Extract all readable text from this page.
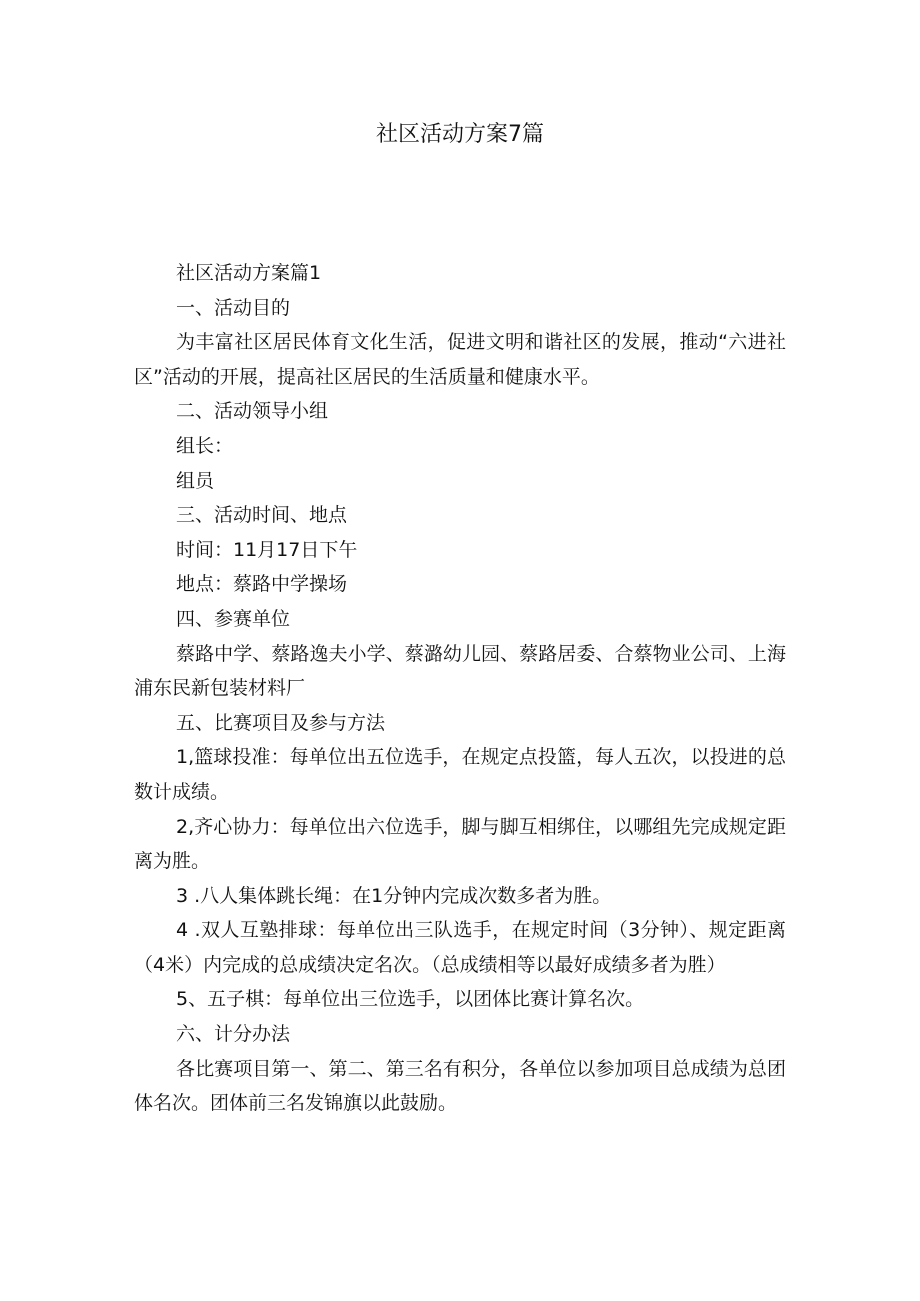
社区活动方案7篇

社区活动方案篇1

一、活动目的

为丰富社区居民体育文化生活，促进文明和谐社区的发展，推动“六进社区”活动的开展，提高社区居民的生活质量和健康水平。

二、活动领导小组

组长：

组员

三、活动时间、地点

时间：11月17日下午

地点：蔡路中学操场

四、参赛单位

蔡路中学、蔡路逸夫小学、蔡潞幼儿园、蔡路居委、合蔡物业公司、上海浦东民新包装材料厂

五、比赛项目及参与方法

1,篮球投准：每单位出五位选手，在规定点投篮，每人五次，以投进的总数计成绩。

2,齐心协力：每单位出六位选手，脚与脚互相绑住，以哪组先完成规定距离为胜。

3 .八人集体跳长绳：在1分钟内完成次数多者为胜。

4 .双人互塾排球：每单位出三队选手，在规定时间（3分钟）、规定距离（4米）内完成的总成绩决定名次。（总成绩相等以最好成绩多者为胜）

5、五子棋：每单位出三位选手，以团体比赛计算名次。

六、计分办法

各比赛项目第一、第二、第三名有积分，各单位以参加项目总成绩为总团体名次。团体前三名发锦旗以此鼓励。
